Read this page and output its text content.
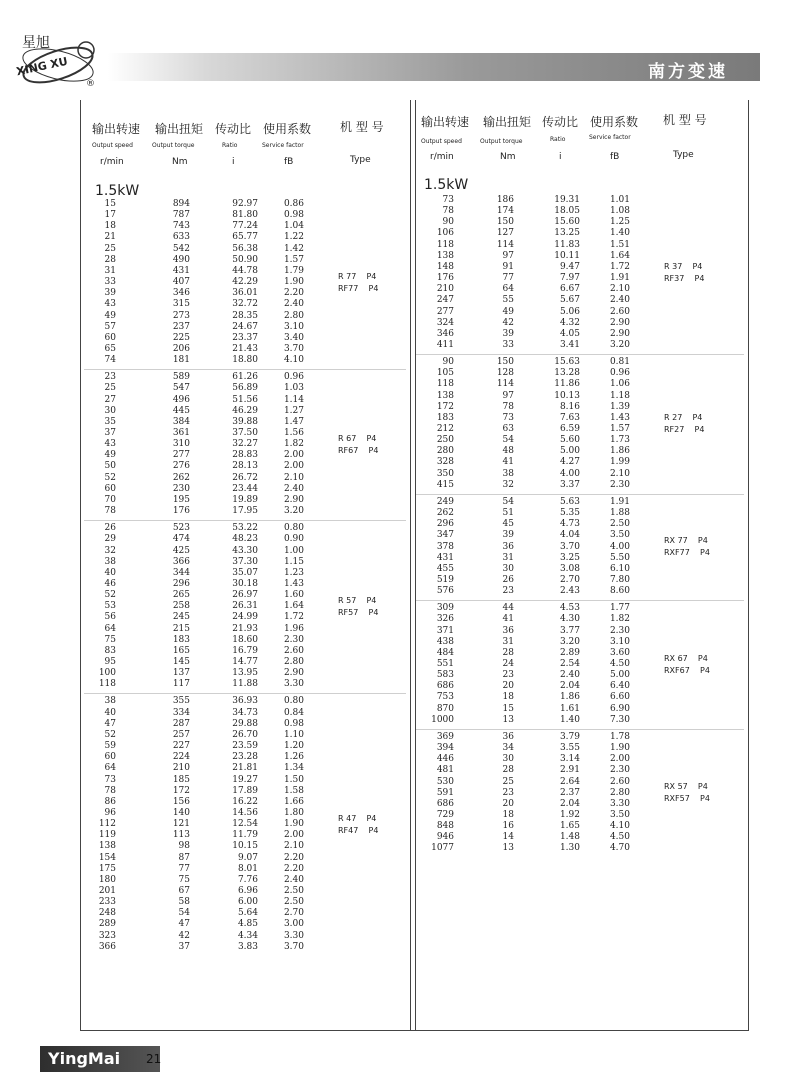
星旭
XING XU
®
南方变速
输出转速
Output speed
r/min
输出扭矩
Output torque
Nm
传动比
Ratio
i
使用系数
Service factor
fB
机 型 号
Type
输出转速
Output speed
r/min
输出扭矩
Output torque
Nm
传动比
Ratio
i
使用系数
Service factor
fB
机 型 号
Type
1.5kW	1.5kW
15	894	92.97	0.86
17	787	81.80	0.98
18	743	77.24	1.04
21	633	65.77	1.22
25	542	56.38	1.42
28	490	50.90	1.57
31	431	44.78	1.79
33	407	42.29	1.90
39	346	36.01	2.20
43	315	32.72	2.40
49	273	28.35	2.80
57	237	24.67	3.10
60	225	23.37	3.40
65	206	21.43	3.70
74	181	18.80	4.10
R 77    P4
RF77    P4
23	589	61.26	0.96
25	547	56.89	1.03
27	496	51.56	1.14
30	445	46.29	1.27
35	384	39.88	1.47
37	361	37.50	1.56
43	310	32.27	1.82
49	277	28.83	2.00
50	276	28.13	2.00
52	262	26.72	2.10
60	230	23.44	2.40
70	195	19.89	2.90
78	176	17.95	3.20
R 67    P4
RF67    P4
26	523	53.22	0.80
29	474	48.23	0.90
32	425	43.30	1.00
38	366	37.30	1.15
40	344	35.07	1.23
46	296	30.18	1.43
52	265	26.97	1.60
53	258	26.31	1.64
56	245	24.99	1.72
64	215	21.93	1.96
75	183	18.60	2.30
83	165	16.79	2.60
95	145	14.77	2.80
100	137	13.95	2.90
118	117	11.88	3.30
R 57    P4
RF57    P4
38	355	36.93	0.80
40	334	34.73	0.84
47	287	29.88	0.98
52	257	26.70	1.10
59	227	23.59	1.20
60	224	23.28	1.26
64	210	21.81	1.34
73	185	19.27	1.50
78	172	17.89	1.58
86	156	16.22	1.66
96	140	14.56	1.80
112	121	12.54	1.90
119	113	11.79	2.00
138	98	10.15	2.10
154	87	9.07	2.20
175	77	8.01	2.20
180	75	7.76	2.40
201	67	6.96	2.50
233	58	6.00	2.50
248	54	5.64	2.70
289	47	4.85	3.00
323	42	4.34	3.30
366	37	3.83	3.70
R 47    P4
RF47    P4
73	186	19.31	1.01
78	174	18.05	1.08
90	150	15.60	1.25
106	127	13.25	1.40
118	114	11.83	1.51
138	97	10.11	1.64
148	91	9.47	1.72
176	77	7.97	1.91
210	64	6.67	2.10
247	55	5.67	2.40
277	49	5.06	2.60
324	42	4.32	2.90
346	39	4.05	2.90
411	33	3.41	3.20
R 37    P4
RF37    P4
90	150	15.63	0.81
105	128	13.28	0.96
118	114	11.86	1.06
138	97	10.13	1.18
172	78	8.16	1.39
183	73	7.63	1.43
212	63	6.59	1.57
250	54	5.60	1.73
280	48	5.00	1.86
328	41	4.27	1.99
350	38	4.00	2.10
415	32	3.37	2.30
R 27    P4
RF27    P4
249	54	5.63	1.91
262	51	5.35	1.88
296	45	4.73	2.50
347	39	4.04	3.50
378	36	3.70	4.00
431	31	3.25	5.50
455	30	3.08	6.10
519	26	2.70	7.80
576	23	2.43	8.60
RX 77    P4
RXF77    P4
309	44	4.53	1.77
326	41	4.30	1.82
371	36	3.77	2.30
438	31	3.20	3.10
484	28	2.89	3.60
551	24	2.54	4.50
583	23	2.40	5.00
686	20	2.04	6.40
753	18	1.86	6.60
870	15	1.61	6.90
1000	13	1.40	7.30
RX 67    P4
RXF67    P4
369	36	3.79	1.78
394	34	3.55	1.90
446	30	3.14	2.00
481	28	2.91	2.30
530	25	2.64	2.60
591	23	2.37	2.80
686	20	2.04	3.30
729	18	1.92	3.50
848	16	1.65	4.10
946	14	1.48	4.50
1077	13	1.30	4.70
RX 57    P4
RXF57    P4
YingMai 21
